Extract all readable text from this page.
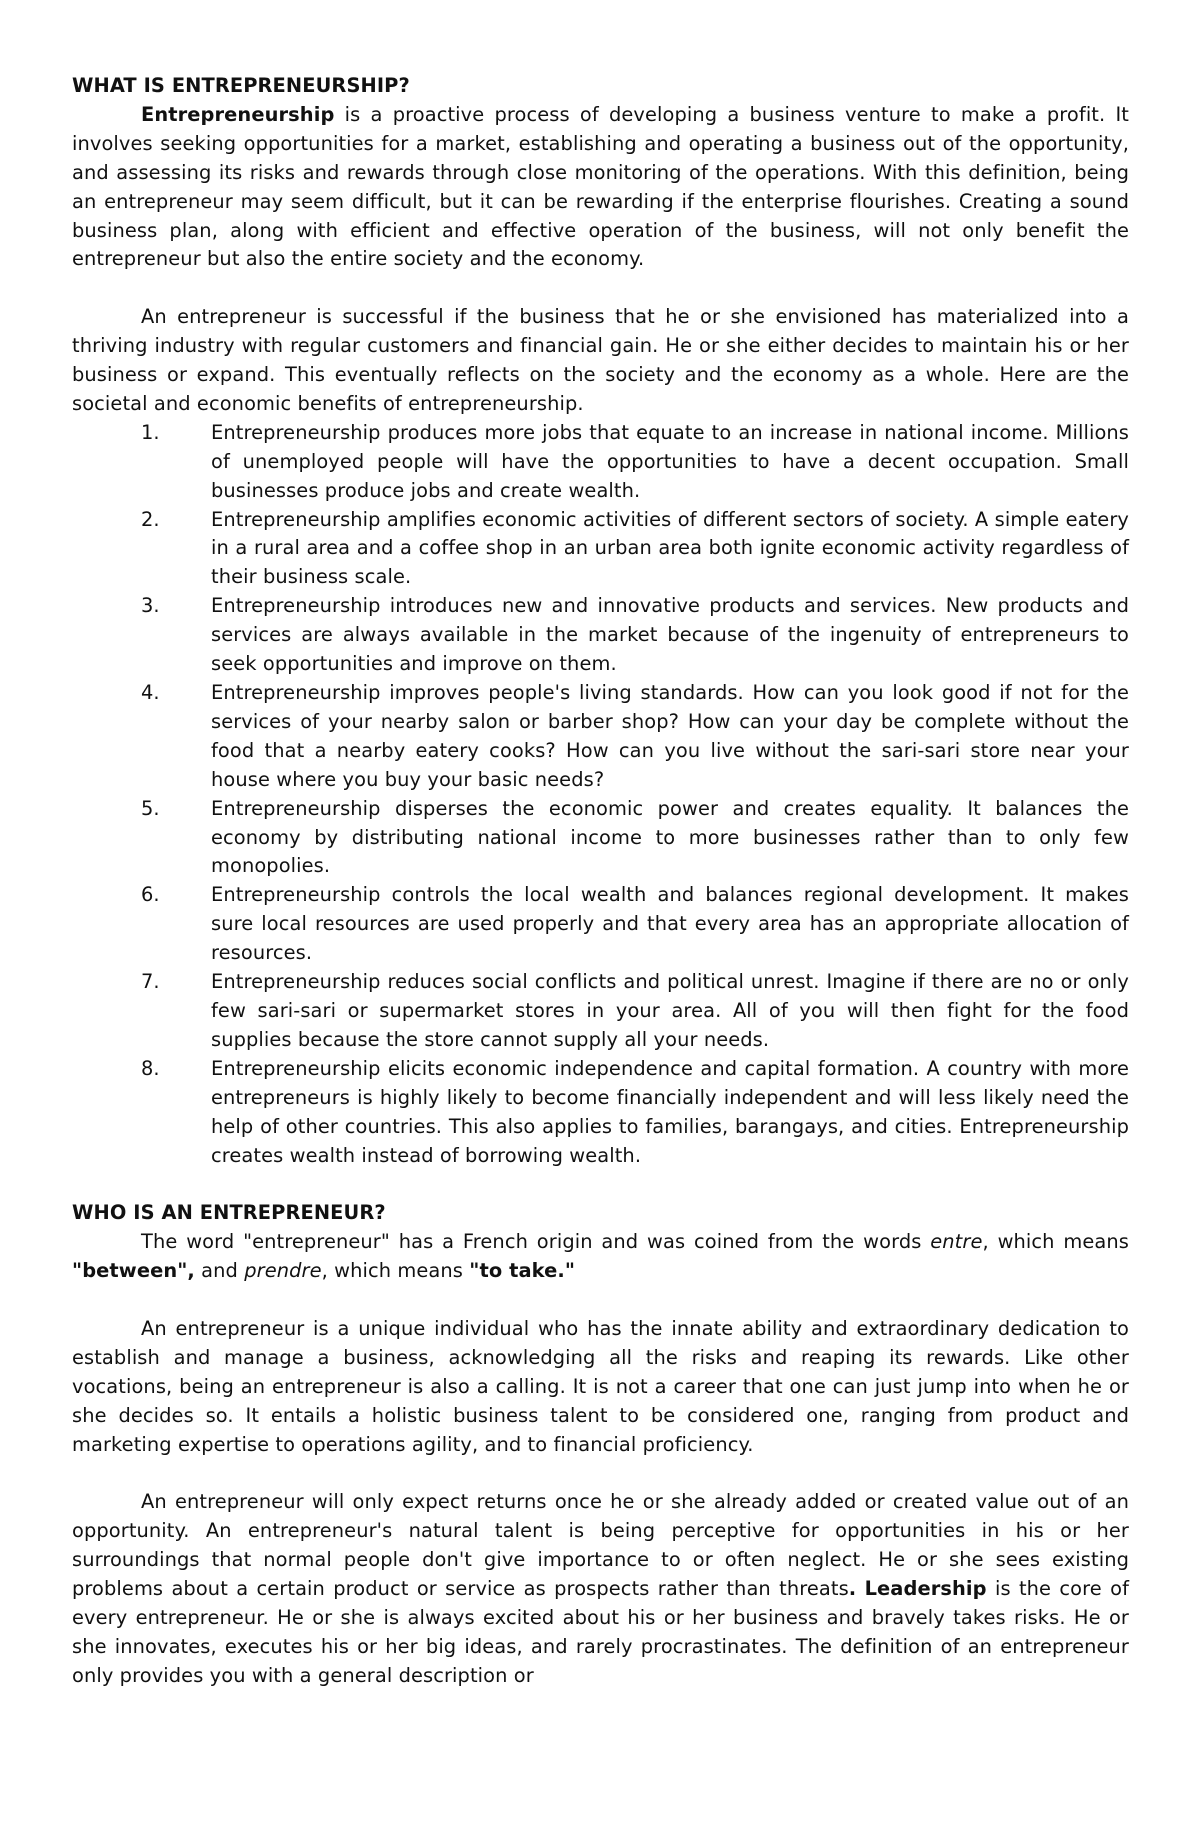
WHAT IS ENTREPRENEURSHIP?

Entrepreneurship is a proactive process of developing a business venture to make a profit. It involves seeking opportunities for a market, establishing and operating a business out of the opportunity, and assessing its risks and rewards through close monitoring of the operations. With this definition, being an entrepreneur may seem difficult, but it can be rewarding if the enterprise flourishes. Creating a sound business plan, along with efficient and effective operation of the business, will not only benefit the entrepreneur but also the entire society and the economy.

An entrepreneur is successful if the business that he or she envisioned has materialized into a thriving industry with regular customers and financial gain. He or she either decides to maintain his or her business or expand. This eventually reflects on the society and the economy as a whole. Here are the societal and economic benefits of entrepreneurship.

1.	Entrepreneurship produces more jobs that equate to an increase in national income. Millions of unemployed people will have the opportunities to have a decent occupation. Small businesses produce jobs and create wealth.
2.	Entrepreneurship amplifies economic activities of different sectors of society. A simple eatery in a rural area and a coffee shop in an urban area both ignite economic activity regardless of their business scale.
3.	Entrepreneurship introduces new and innovative products and services. New products and services are always available in the market because of the ingenuity of entrepreneurs to seek opportunities and improve on them.
4.	Entrepreneurship improves people's living standards. How can you look good if not for the services of your nearby salon or barber shop? How can your day be complete without the food that a nearby eatery cooks? How can you live without the sari-sari store near your house where you buy your basic needs?
5.	Entrepreneurship disperses the economic power and creates equality. It balances the economy by distributing national income to more businesses rather than to only few monopolies.
6.	Entrepreneurship controls the local wealth and balances regional development. It makes sure local resources are used properly and that every area has an appropriate allocation of resources.
7.	Entrepreneurship reduces social conflicts and political unrest. Imagine if there are no or only few sari-sari or supermarket stores in your area. All of you will then fight for the food supplies because the store cannot supply all your needs.
8.	Entrepreneurship elicits economic independence and capital formation. A country with more entrepreneurs is highly likely to become financially independent and will less likely need the help of other countries. This also applies to families, barangays, and cities. Entrepreneurship creates wealth instead of borrowing wealth.
WHO IS AN ENTREPRENEUR?

The word "entrepreneur" has a French origin and was coined from the words entre, which means "between", and prendre, which means "to take."

An entrepreneur is a unique individual who has the innate ability and extraordinary dedication to establish and manage a business, acknowledging all the risks and reaping its rewards. Like other vocations, being an entrepreneur is also a calling. It is not a career that one can just jump into when he or she decides so. It entails a holistic business talent to be considered one, ranging from product and marketing expertise to operations agility, and to financial proficiency.

An entrepreneur will only expect returns once he or she already added or created value out of an opportunity. An entrepreneur's natural talent is being perceptive for opportunities in his or her surroundings that normal people don't give importance to or often neglect. He or she sees existing problems about a certain product or service as prospects rather than threats. Leadership is the core of every entrepreneur. He or she is always excited about his or her business and bravely takes risks. He or she innovates, executes his or her big ideas, and rarely procrastinates. The definition of an entrepreneur only provides you with a general description or
